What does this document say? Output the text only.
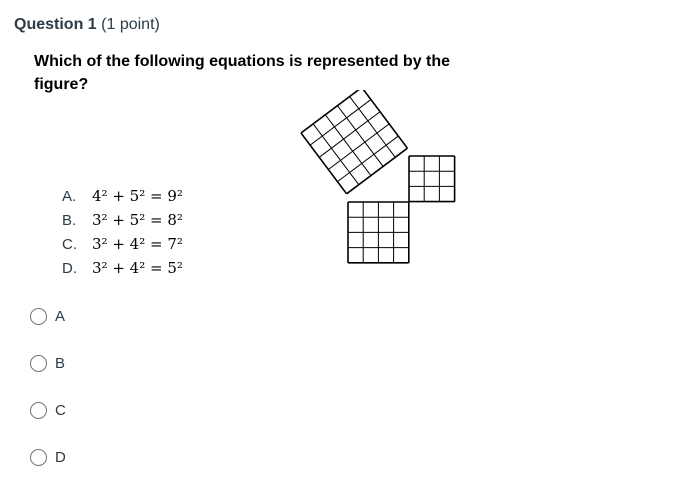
Question 1 (1 point)
Which of the following equations is represented by the figure?
A.	4² + 5² = 9²
B.	3² + 5² = 8²
C.	3² + 4² = 7²
D.	3² + 4² = 5²
A
B
C
D
